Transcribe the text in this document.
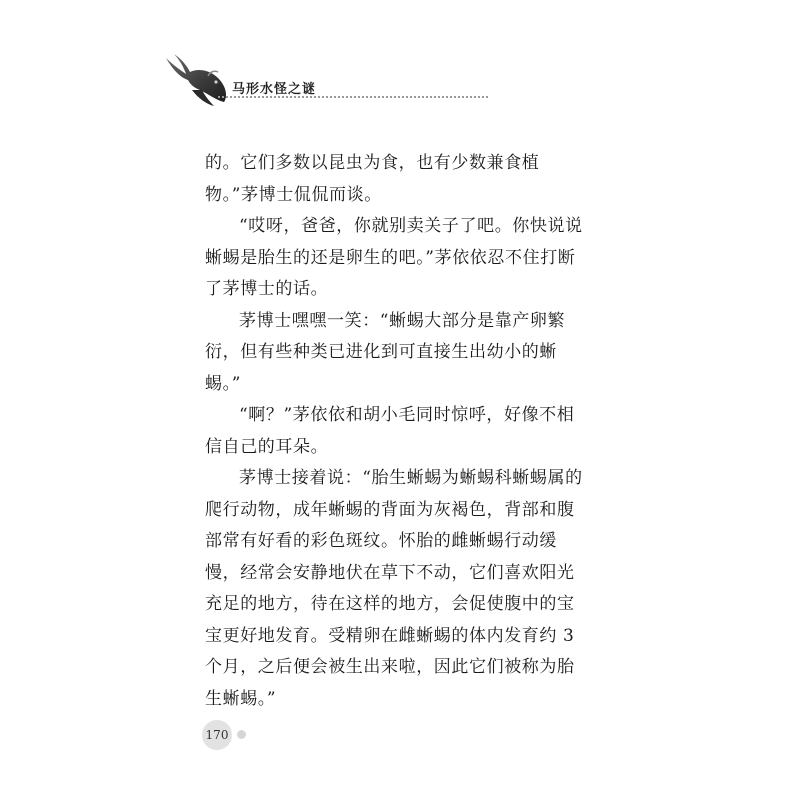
马形水怪之谜

的。它们多数以昆虫为食，也有少数兼食植物。”茅博士侃侃而谈。

“哎呀，爸爸，你就别卖关子了吧。你快说说蜥蜴是胎生的还是卵生的吧。”茅依依忍不住打断了茅博士的话。

茅博士嘿嘿一笑：“蜥蜴大部分是靠产卵繁衍，但有些种类已进化到可直接生出幼小的蜥蜴。”

“啊？”茅依依和胡小毛同时惊呼，好像不相信自己的耳朵。

茅博士接着说：“胎生蜥蜴为蜥蜴科蜥蜴属的爬行动物，成年蜥蜴的背面为灰褐色，背部和腹部常有好看的彩色斑纹。怀胎的雌蜥蜴行动缓慢，经常会安静地伏在草下不动，它们喜欢阳光充足的地方，待在这样的地方，会促使腹中的宝宝更好地发育。受精卵在雌蜥蜴的体内发育约 3 个月，之后便会被生出来啦，因此它们被称为胎生蜥蜴。”

170
